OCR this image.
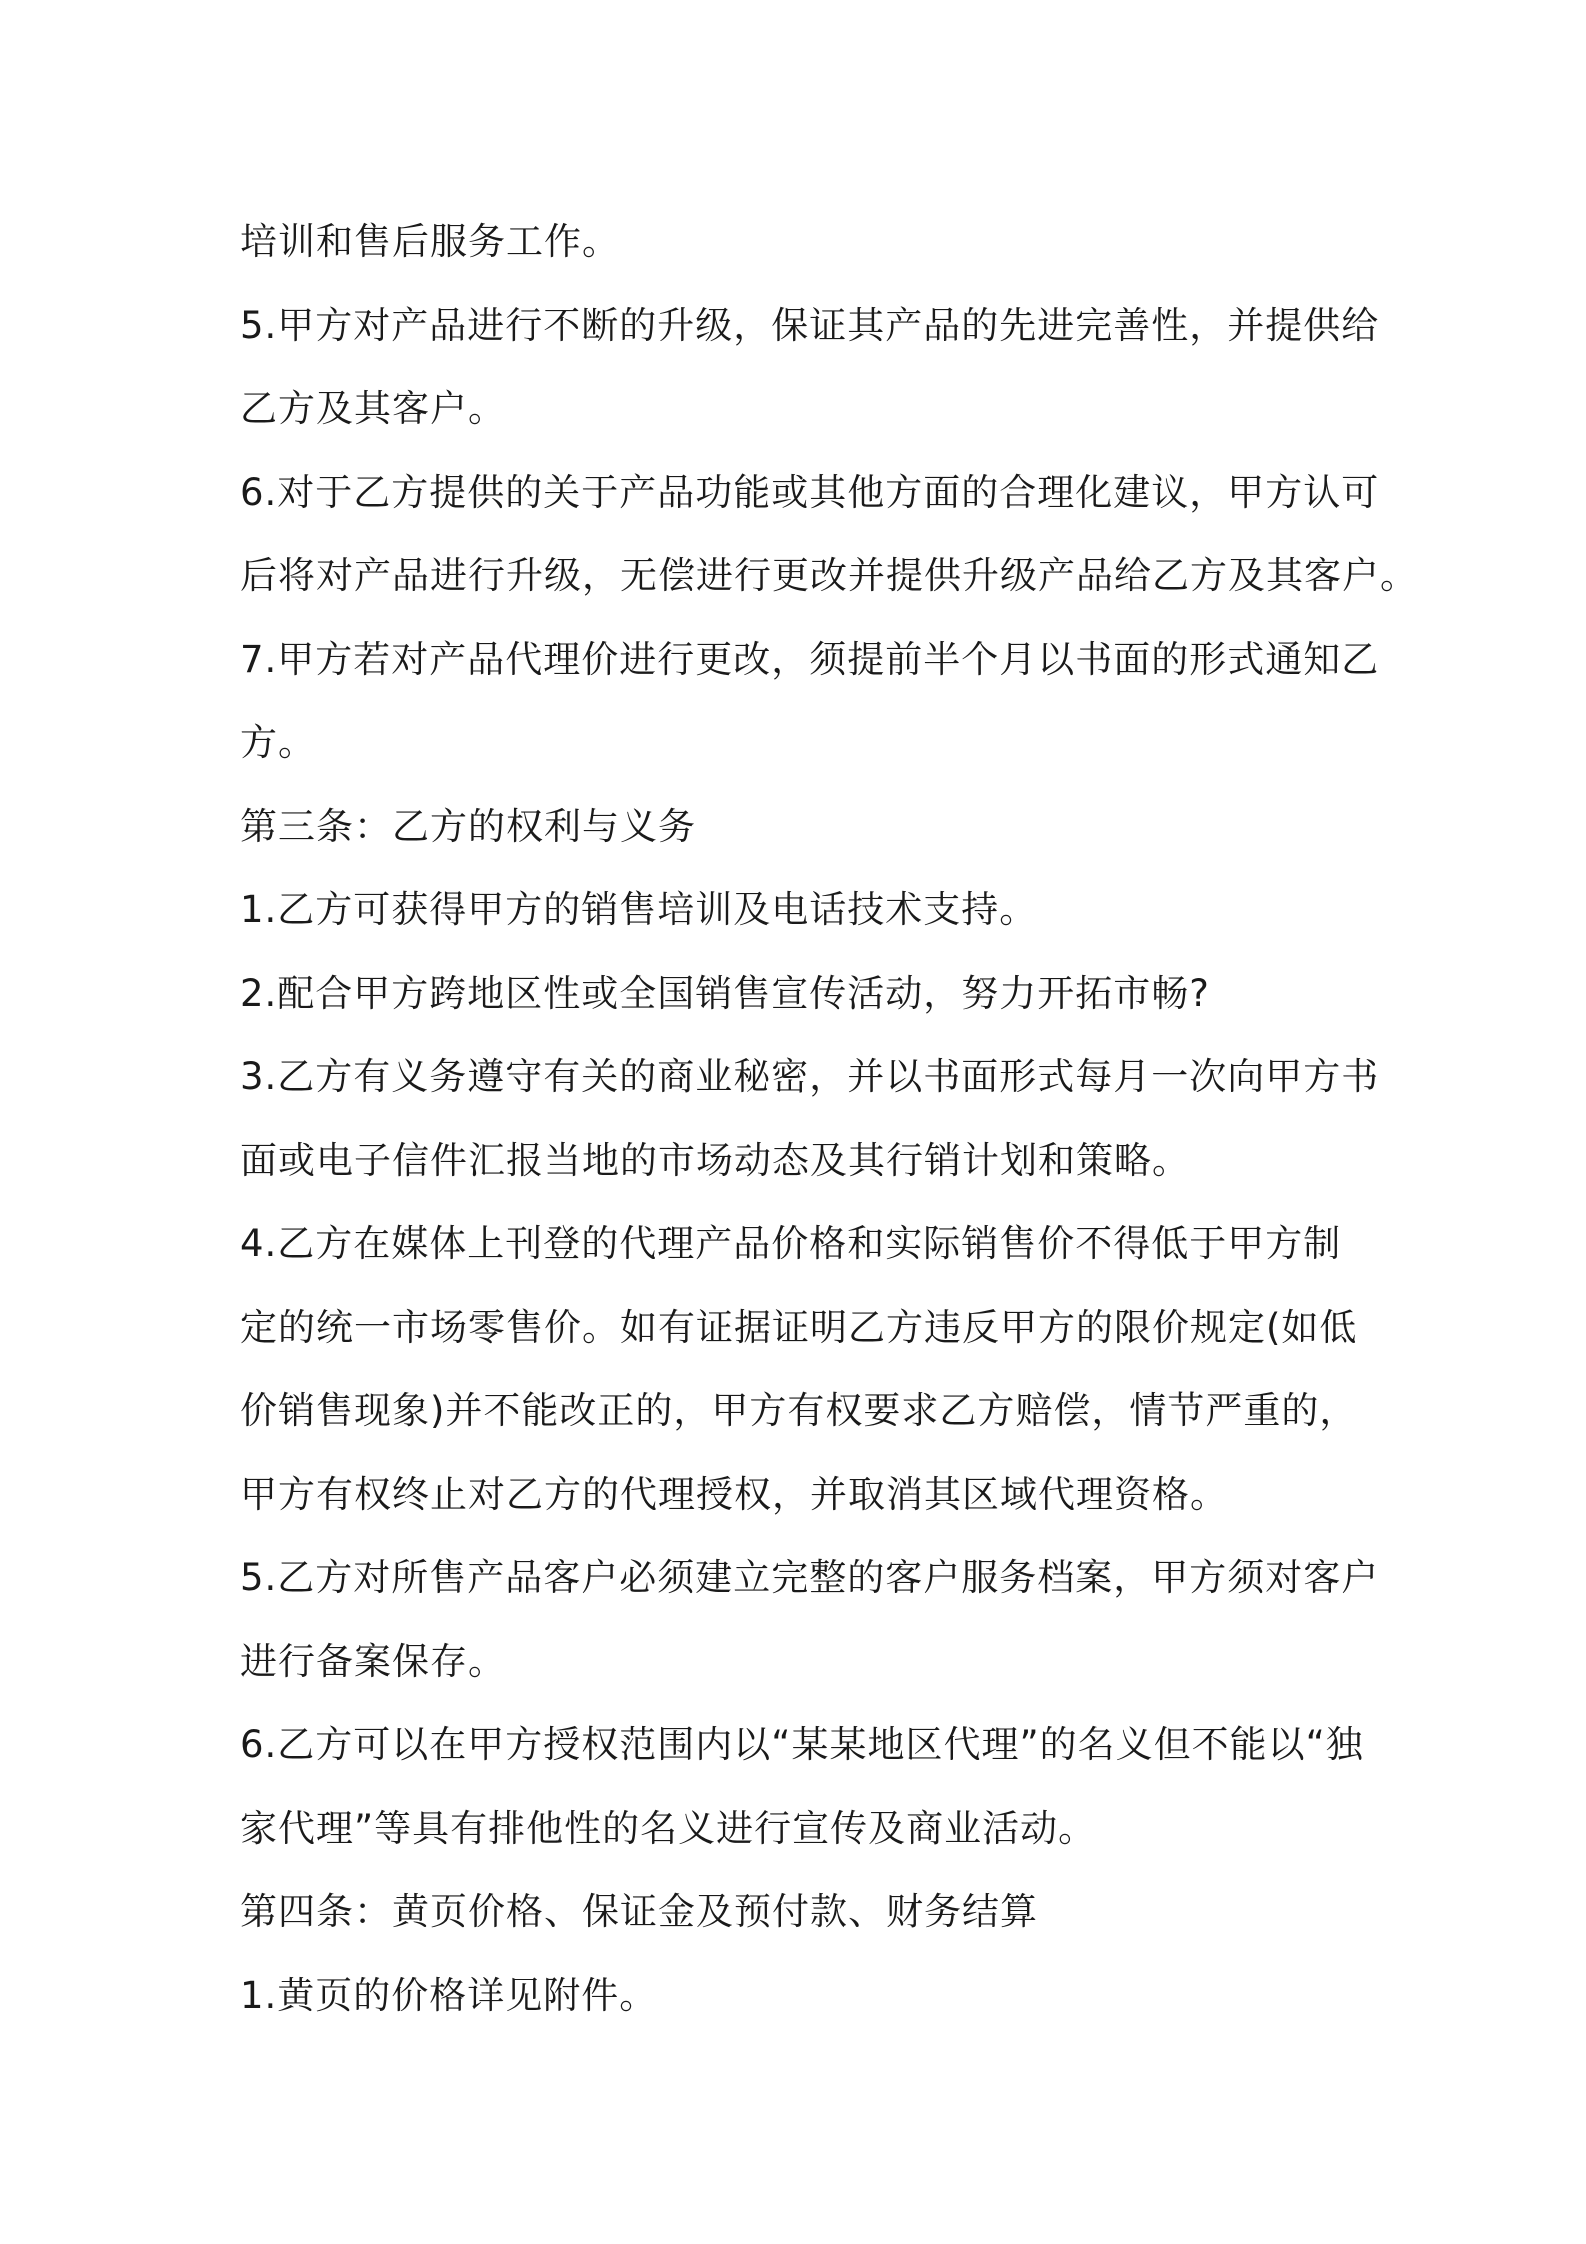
培训和售后服务工作。
5.甲方对产品进行不断的升级，保证其产品的先进完善性，并提供给
乙方及其客户。
6.对于乙方提供的关于产品功能或其他方面的合理化建议，甲方认可
后将对产品进行升级，无偿进行更改并提供升级产品给乙方及其客户。
7.甲方若对产品代理价进行更改，须提前半个月以书面的形式通知乙
方。
第三条：乙方的权利与义务
1.乙方可获得甲方的销售培训及电话技术支持。
2.配合甲方跨地区性或全国销售宣传活动，努力开拓市畅?
3.乙方有义务遵守有关的商业秘密，并以书面形式每月一次向甲方书
面或电子信件汇报当地的市场动态及其行销计划和策略。
4.乙方在媒体上刊登的代理产品价格和实际销售价不得低于甲方制
定的统一市场零售价。如有证据证明乙方违反甲方的限价规定(如低
价销售现象)并不能改正的，甲方有权要求乙方赔偿，情节严重的，
甲方有权终止对乙方的代理授权，并取消其区域代理资格。
5.乙方对所售产品客户必须建立完整的客户服务档案，甲方须对客户
进行备案保存。
6.乙方可以在甲方授权范围内以“某某地区代理”的名义但不能以“独
家代理”等具有排他性的名义进行宣传及商业活动。
第四条：黄页价格、保证金及预付款、财务结算
1.黄页的价格详见附件。
